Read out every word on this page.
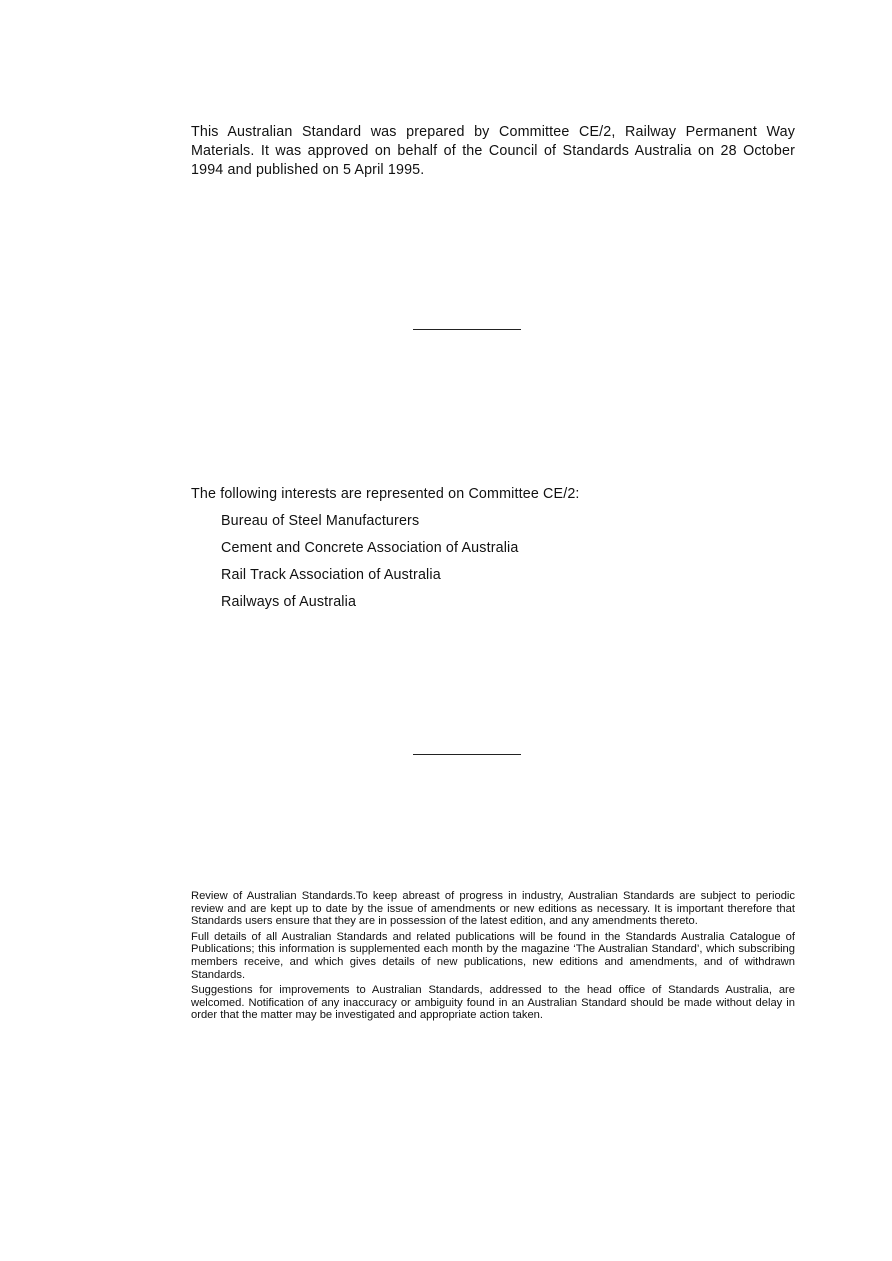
This Australian Standard was prepared by Committee CE/2, Railway Permanent Way Materials. It was approved on behalf of the Council of Standards Australia on 28 October 1994 and published on 5 April 1995.
The following interests are represented on Committee CE/2:
Bureau of Steel Manufacturers
Cement and Concrete Association of Australia
Rail Track Association of Australia
Railways of Australia

Review of Australian Standards.To keep abreast of progress in industry, Australian Standards are subject to periodic review and are kept up to date by the issue of amendments or new editions as necessary. It is important therefore that Standards users ensure that they are in possession of the latest edition, and any amendments thereto.

Full details of all Australian Standards and related publications will be found in the Standards Australia Catalogue of Publications; this information is supplemented each month by the magazine ‘The Australian Standard’, which subscribing members receive, and which gives details of new publications, new editions and amendments, and of withdrawn Standards.

Suggestions for improvements to Australian Standards, addressed to the head office of Standards Australia, are welcomed. Notification of any inaccuracy or ambiguity found in an Australian Standard should be made without delay in order that the matter may be investigated and appropriate action taken.
